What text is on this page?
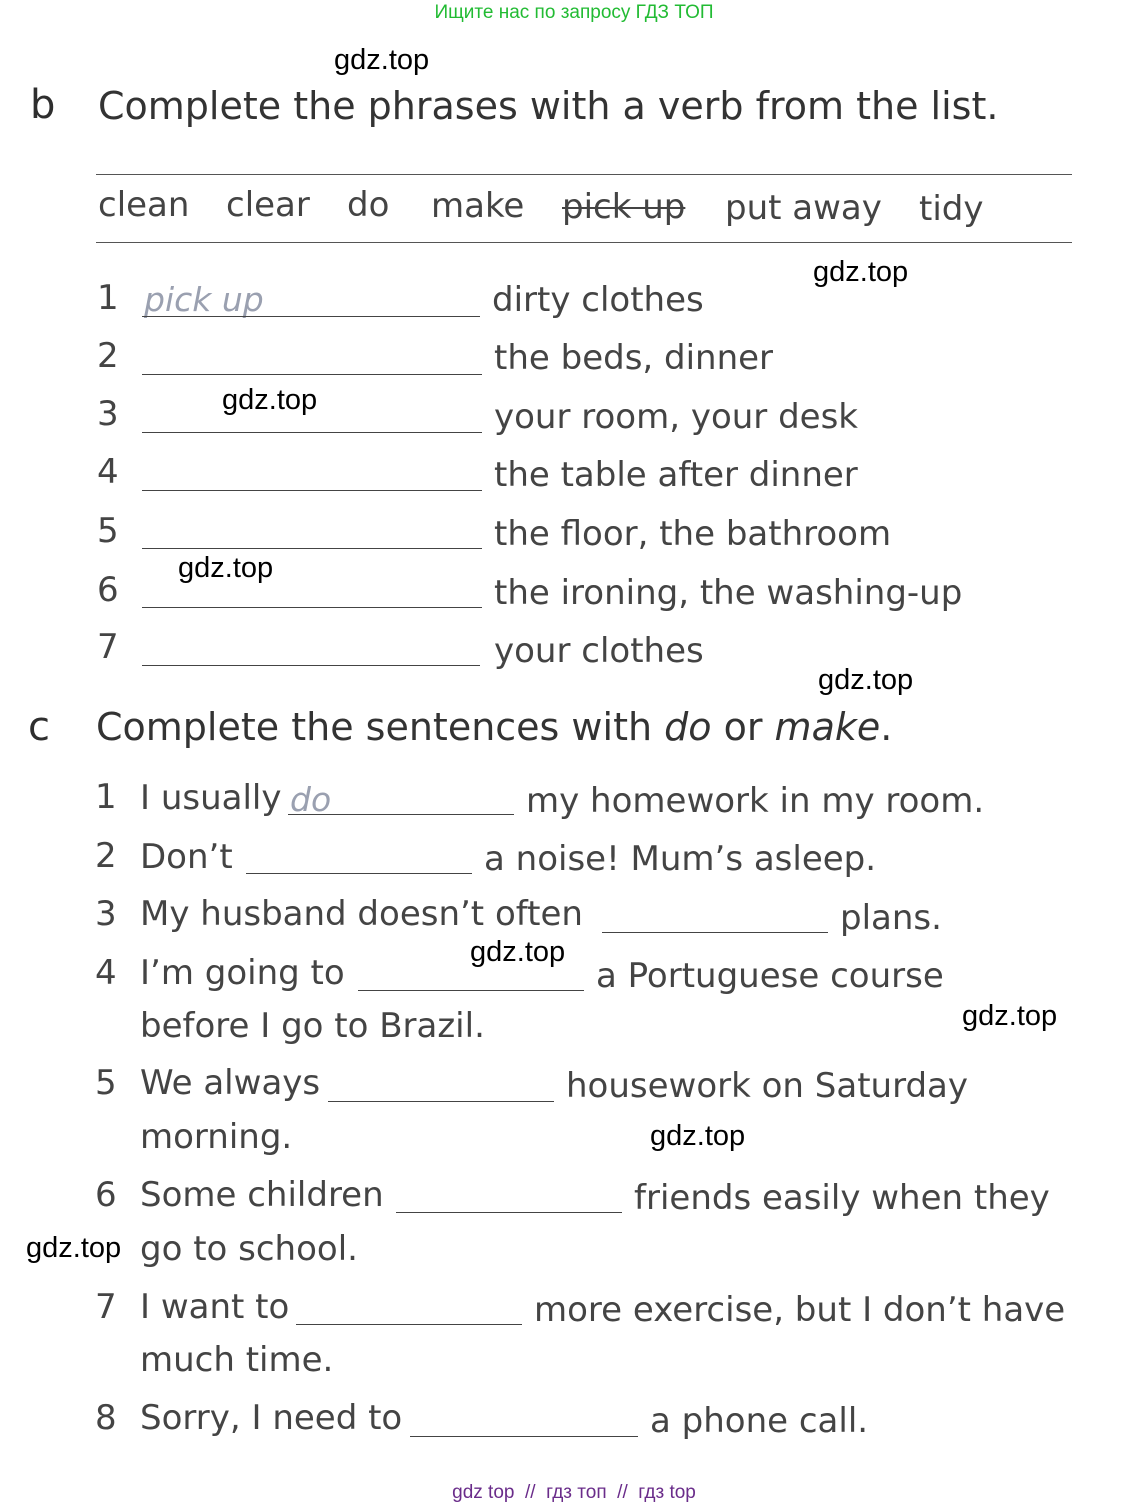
Ищите нас по запросу ГДЗ ТОП
b Complete the phrases with a verb from the list.
clean clear do make pick up put away tidy
1 pick up	dirty clothes
2	the beds, dinner
3	your room, your desk
4	the table after dinner
5	the floor, the bathroom
6	the ironing, the washing-up
7	your clothes
c Complete the sentences with do or make.
1 I usually do	my homework in my room.
2 Don’t	a noise! Mum’s asleep.
3 My husband doesn’t often	plans.
4 I’m going to	a Portuguese course
before I go to Brazil.
5 We always	housework on Saturday
morning.
6 Some children	friends easily when they
go to school.
7 I want to	more exercise, but I don’t have
much time.
8 Sorry, I need to	a phone call.
gdz.top
gdz.top
gdz.top
gdz.top
gdz.top
gdz.top
gdz.top
gdz.top
gdz.top
gdz top  //  гдз топ  //  гдз top
